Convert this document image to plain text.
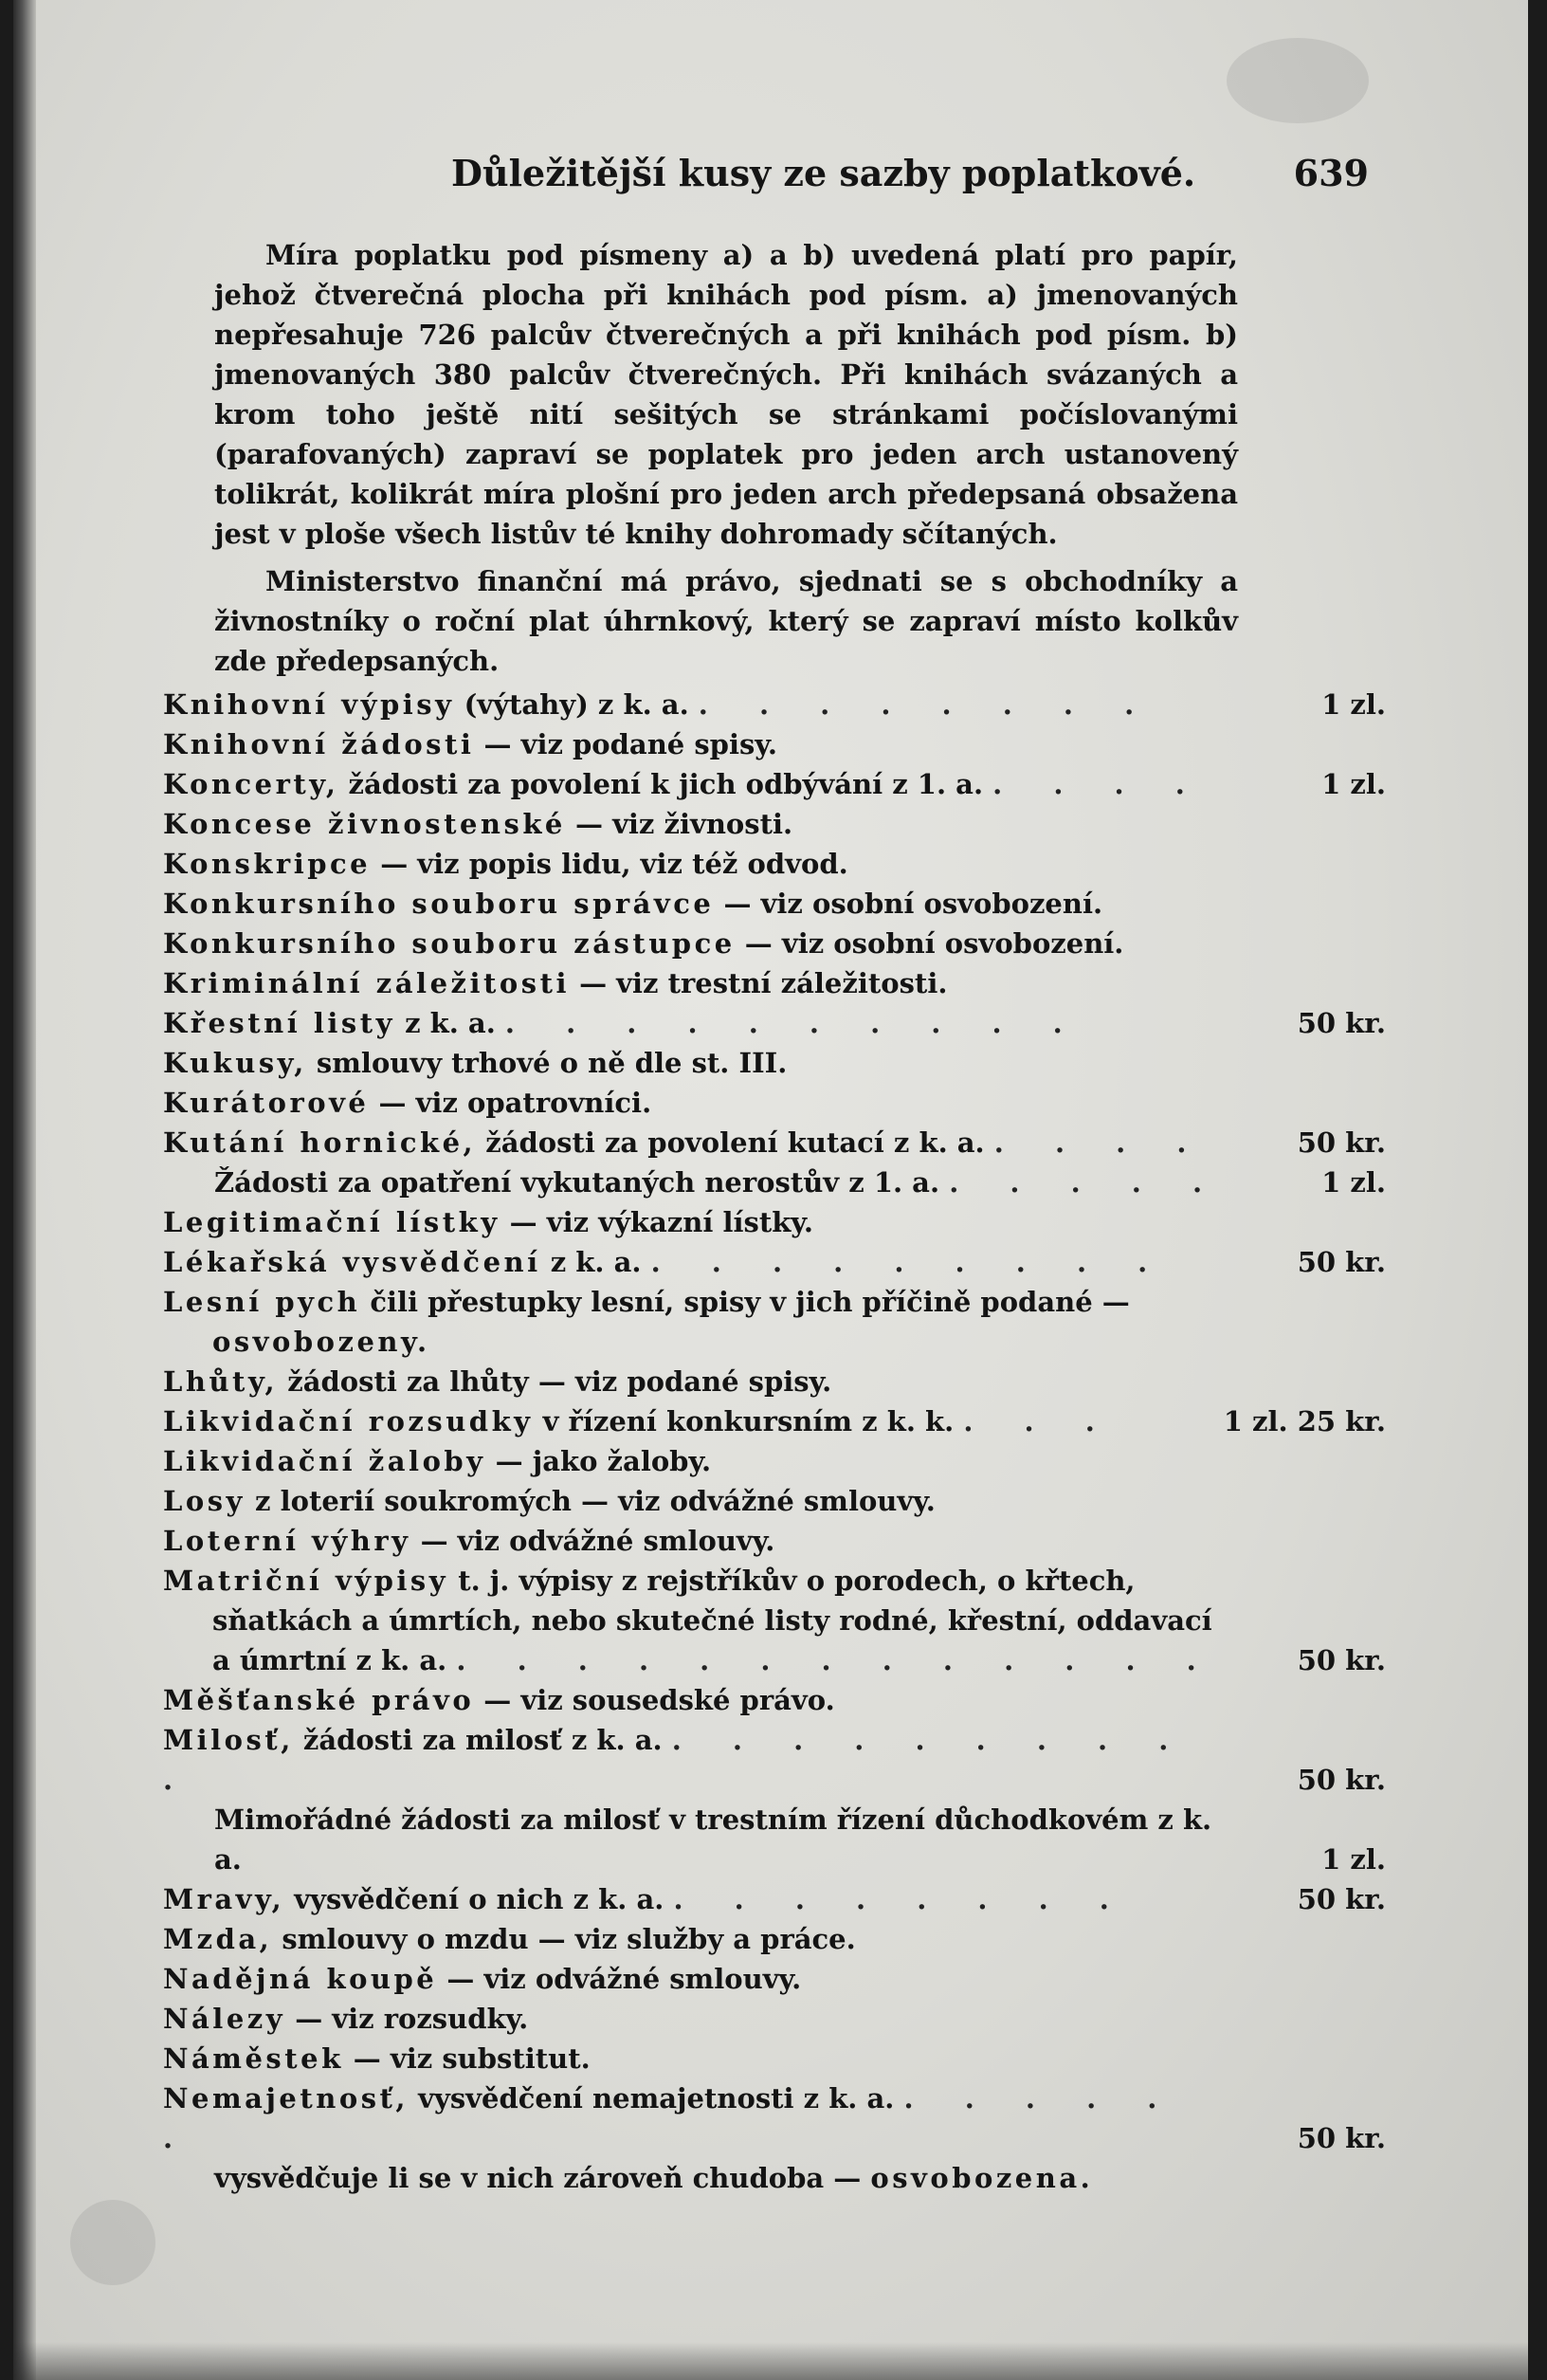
Důležitější kusy ze sazby poplatkové.	639

Míra poplatku pod písmeny a) a b) uvedená platí pro papír, jehož čtverečná plocha při knihách pod písm. a) jmenovaných nepřesahuje 726 palcův čtverečných a při knihách pod písm. b) jmenovaných 380 palcův čtverečných. Při knihách svázaných a krom toho ještě nití sešitých se stránkami počíslovanými (parafovaných) zapraví se poplatek pro jeden arch ustanovený tolikrát, kolikrát míra plošní pro jeden arch předepsaná obsažena jest v ploše všech listův té knihy dohromady sčítaných.

Ministerstvo finanční má právo, sjednati se s obchodníky a živnostníky o roční plat úhrnkový, který se zapraví místo kolkův zde předepsaných.

Knihovní výpisy (výtahy) z k. a. . . . . . . . .	1 zl.
Knihovní žádosti — viz podané spisy.
Koncerty, žádosti za povolení k jich odbývání z 1. a. . . . .	1 zl.
Koncese živnostenské — viz živnosti.
Konskripce — viz popis lidu, viz též odvod.
Konkursního souboru správce — viz osobní osvobození.
Konkursního souboru zástupce — viz osobní osvobození.
Kriminální záležitosti — viz trestní záležitosti.
Křestní listy z k. a. . . . . . . . . . .	50 kr.
Kukusy, smlouvy trhové o ně dle st. III.
Kurátorové — viz opatrovníci.
Kutání hornické, žádosti za povolení kutací z k. a. . . . .	50 kr.
Žádosti za opatření vykutaných nerostův z 1. a. . . . . .	1 zl.
Legitimační lístky — viz výkazní lístky.
Lékařská vysvědčení z k. a. . . . . . . . . .	50 kr.
Lesní pych čili přestupky lesní, spisy v jich příčině podané — osvobozeny.
Lhůty, žádosti za lhůty — viz podané spisy.
Likvidační rozsudky v řízení konkursním z k. k. . . .	1 zl. 25 kr.
Likvidační žaloby — jako žaloby.
Losy z loterií soukromých — viz odvážné smlouvy.
Loterní výhry — viz odvážné smlouvy.
Matriční výpisy t. j. výpisy z rejstříkův o porodech, o křtech, sňatkách a úmrtích, nebo skutečné listy rodné, křestní, oddavací a úmrtní z k. a. . . . . . . . . . . . . .	50 kr.
Měšťanské právo — viz sousedské právo.
Milosť, žádosti za milosť z k. a. . . . . . . . . . .	50 kr.
Mimořádné žádosti za milosť v trestním řízení důchodkovém z k. a.	1 zl.
Mravy, vysvědčení o nich z k. a. . . . . . . . .	50 kr.
Mzda, smlouvy o mzdu — viz služby a práce.
Nadějná koupě — viz odvážné smlouvy.
Nálezy — viz rozsudky.
Náměstek — viz substitut.
Nemajetnosť, vysvědčení nemajetnosti z k. a. . . . . . .	50 kr.
vysvědčuje li se v nich zároveň chudoba — osvobozena.
